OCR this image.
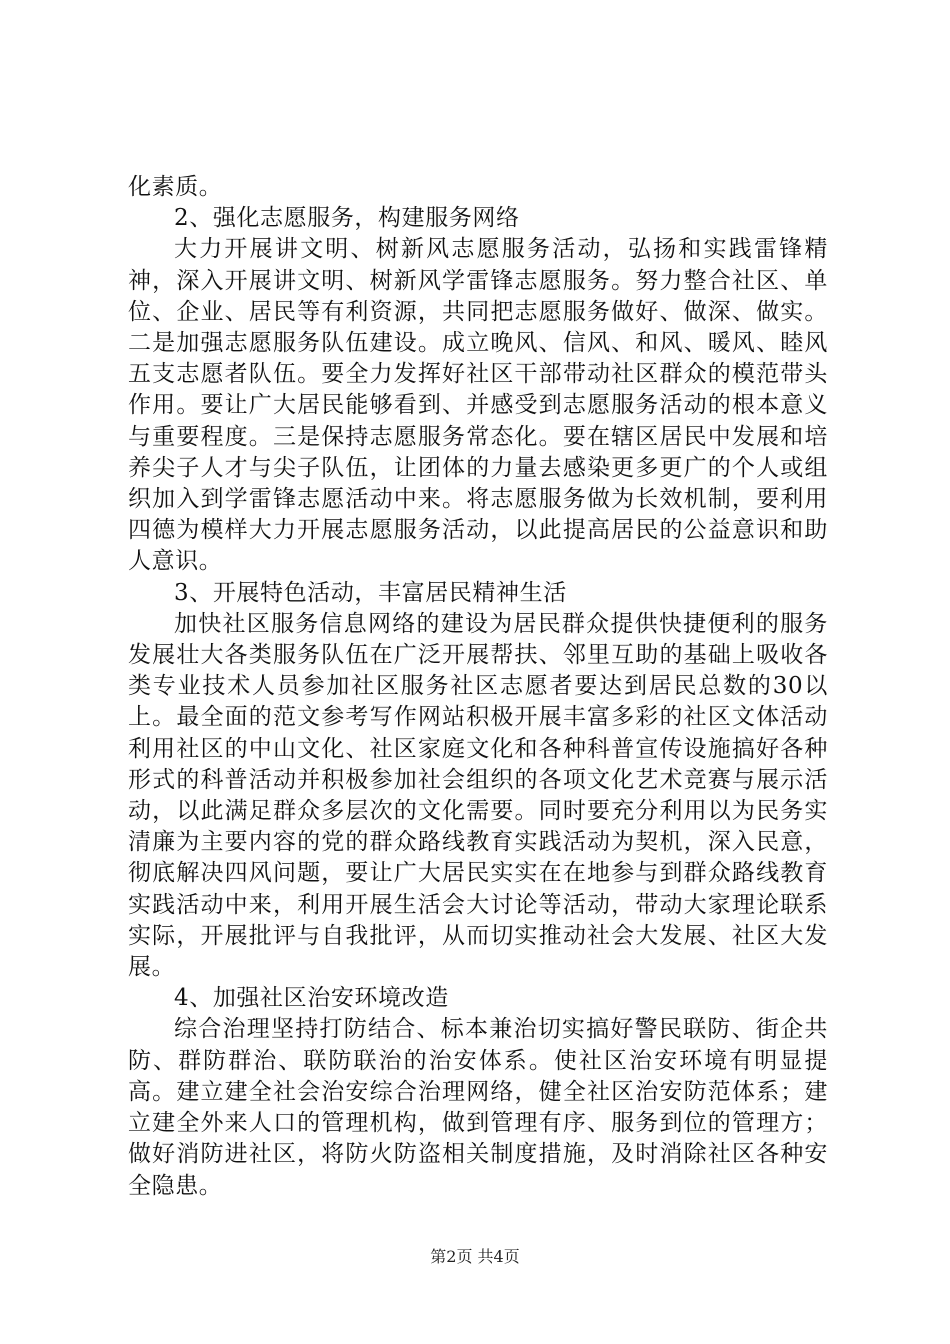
化素质。

2、强化志愿服务，构建服务网络

大力开展讲文明、树新风志愿服务活动，弘扬和实践雷锋精神，深入开展讲文明、树新风学雷锋志愿服务。努力整合社区、单位、企业、居民等有利资源，共同把志愿服务做好、做深、做实。二是加强志愿服务队伍建设。成立晚风、信风、和风、暖风、睦风五支志愿者队伍。要全力发挥好社区干部带动社区群众的模范带头作用。要让广大居民能够看到、并感受到志愿服务活动的根本意义与重要程度。三是保持志愿服务常态化。要在辖区居民中发展和培养尖子人才与尖子队伍，让团体的力量去感染更多更广的个人或组织加入到学雷锋志愿活动中来。将志愿服务做为长效机制，要利用四德为模样大力开展志愿服务活动，以此提高居民的公益意识和助人意识。

3、开展特色活动，丰富居民精神生活

加快社区服务信息网络的建设为居民群众提供快捷便利的服务发展壮大各类服务队伍在广泛开展帮扶、邻里互助的基础上吸收各类专业技术人员参加社区服务社区志愿者要达到居民总数的30以上。最全面的范文参考写作网站积极开展丰富多彩的社区文体活动利用社区的中山文化、社区家庭文化和各种科普宣传设施搞好各种形式的科普活动并积极参加社会组织的各项文化艺术竞赛与展示活动，以此满足群众多层次的文化需要。同时要充分利用以为民务实清廉为主要内容的党的群众路线教育实践活动为契机，深入民意，彻底解决四风问题，要让广大居民实实在在地参与到群众路线教育实践活动中来，利用开展生活会大讨论等活动，带动大家理论联系实际，开展批评与自我批评，从而切实推动社会大发展、社区大发展。

4、加强社区治安环境改造

综合治理坚持打防结合、标本兼治切实搞好警民联防、街企共防、群防群治、联防联治的治安体系。使社区治安环境有明显提高。建立建全社会治安综合治理网络，健全社区治安防范体系；建立建全外来人口的管理机构，做到管理有序、服务到位的管理方；做好消防进社区，将防火防盗相关制度措施，及时消除社区各种安全隐患。

第2页 共4页
